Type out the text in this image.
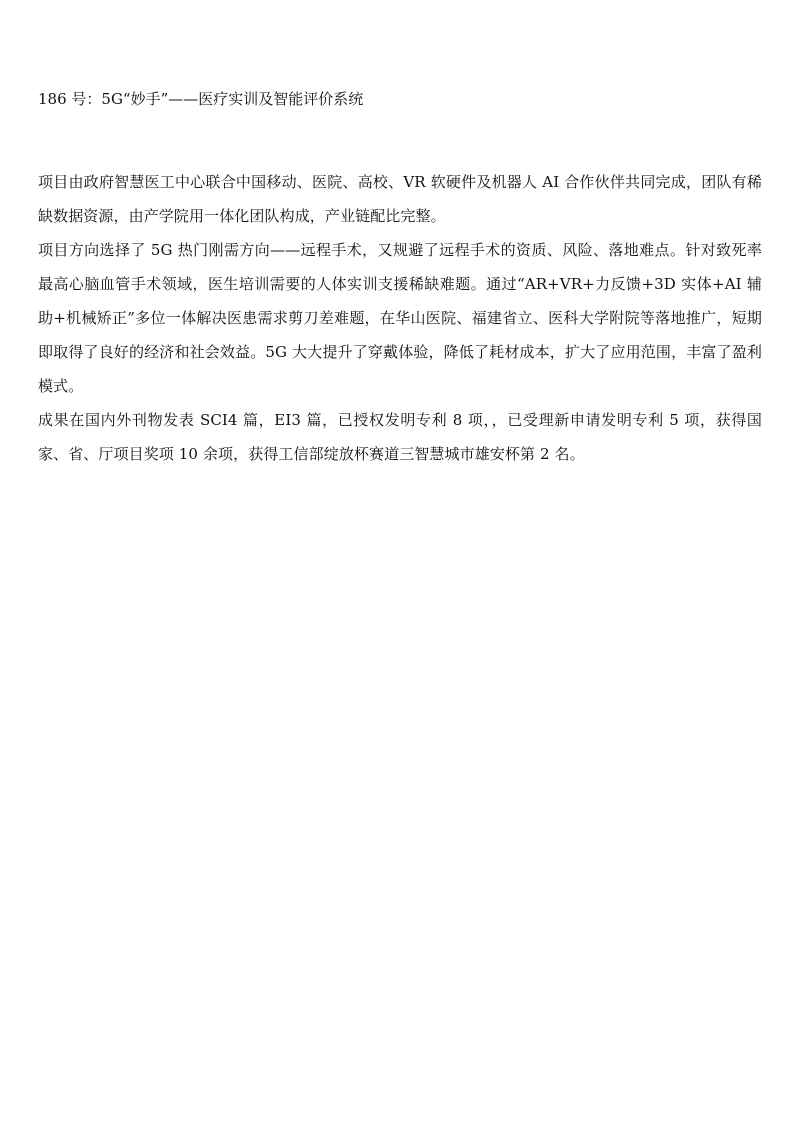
186 号：5G“妙手”——医疗实训及智能评价系统

项目由政府智慧医工中心联合中国移动、医院、高校、VR 软硬件及机器人 AI 合作伙伴共同完成，团队有稀缺数据资源，由产学院用一体化团队构成，产业链配比完整。

项目方向选择了 5G 热门刚需方向——远程手术，又规避了远程手术的资质、风险、落地难点。针对致死率最高心脑血管手术领域，医生培训需要的人体实训支援稀缺难题。通过“AR+VR+力反馈+3D 实体+AI 辅助+机械矫正”多位一体解决医患需求剪刀差难题，在华山医院、福建省立、医科大学附院等落地推广，短期即取得了良好的经济和社会效益。5G 大大提升了穿戴体验，降低了耗材成本，扩大了应用范围，丰富了盈利模式。

成果在国内外刊物发表 SCI4 篇，EI3 篇，已授权发明专利 8 项，，已受理新申请发明专利 5 项，获得国家、省、厅项目奖项 10 余项，获得工信部绽放杯赛道三智慧城市雄安杯第 2 名。
